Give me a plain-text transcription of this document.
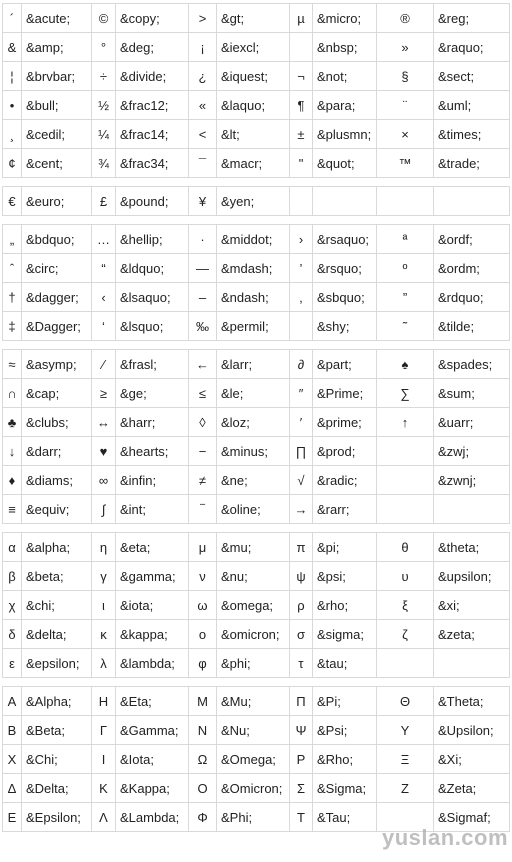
´	&acute;	©	&copy;	>	&gt;	µ	&micro;	®	&reg;
&	&amp;	°	&deg;	¡	&iexcl;		&nbsp;	»	&raquo;
¦	&brvbar;	÷	&divide;	¿	&iquest;	¬	&not;	§	&sect;
•	&bull;	½	&frac12;	«	&laquo;	¶	&para;	¨	&uml;
¸	&cedil;	¼	&frac14;	<	&lt;	±	&plusmn;	×	&times;
¢	&cent;	¾	&frac34;	¯	&macr;	"	&quot;	™	&trade;
€	&euro;	£	&pound;	¥	&yen;				
„	&bdquo;	…	&hellip;	·	&middot;	›	&rsaquo;	ª	&ordf;
ˆ	&circ;	“	&ldquo;	—	&mdash;	’	&rsquo;	º	&ordm;
†	&dagger;	‹	&lsaquo;	–	&ndash;	‚	&sbquo;	”	&rdquo;
‡	&Dagger;	‘	&lsquo;	‰	&permil;		&shy;	˜	&tilde;
≈	&asymp;	⁄	&frasl;	←	&larr;	∂	&part;	♠	&spades;
∩	&cap;	≥	&ge;	≤	&le;	″	&Prime;	∑	&sum;
♣	&clubs;	↔	&harr;	◊	&loz;	′	&prime;	↑	&uarr;
↓	&darr;	♥	&hearts;	−	&minus;	∏	&prod;		&zwj;
♦	&diams;	∞	&infin;	≠	&ne;	√	&radic;		&zwnj;
≡	&equiv;	∫	&int;	‾	&oline;	→	&rarr;		
α	&alpha;	η	&eta;	μ	&mu;	π	&pi;	θ	&theta;
β	&beta;	γ	&gamma;	ν	&nu;	ψ	&psi;	υ	&upsilon;
χ	&chi;	ι	&iota;	ω	&omega;	ρ	&rho;	ξ	&xi;
δ	&delta;	κ	&kappa;	ο	&omicron;	σ	&sigma;	ζ	&zeta;
ε	&epsilon;	λ	&lambda;	φ	&phi;	τ	&tau;		
Α	&Alpha;	Η	&Eta;	Μ	&Mu;	Π	&Pi;	Θ	&Theta;
Β	&Beta;	Γ	&Gamma;	Ν	&Nu;	Ψ	&Psi;	Υ	&Upsilon;
Χ	&Chi;	Ι	&Iota;	Ω	&Omega;	Ρ	&Rho;	Ξ	&Xi;
Δ	&Delta;	Κ	&Kappa;	Ο	&Omicron;	Σ	&Sigma;	Ζ	&Zeta;
Ε	&Epsilon;	Λ	&Lambda;	Φ	&Phi;	Τ	&Tau;		&Sigmaf;
yuslan.com
